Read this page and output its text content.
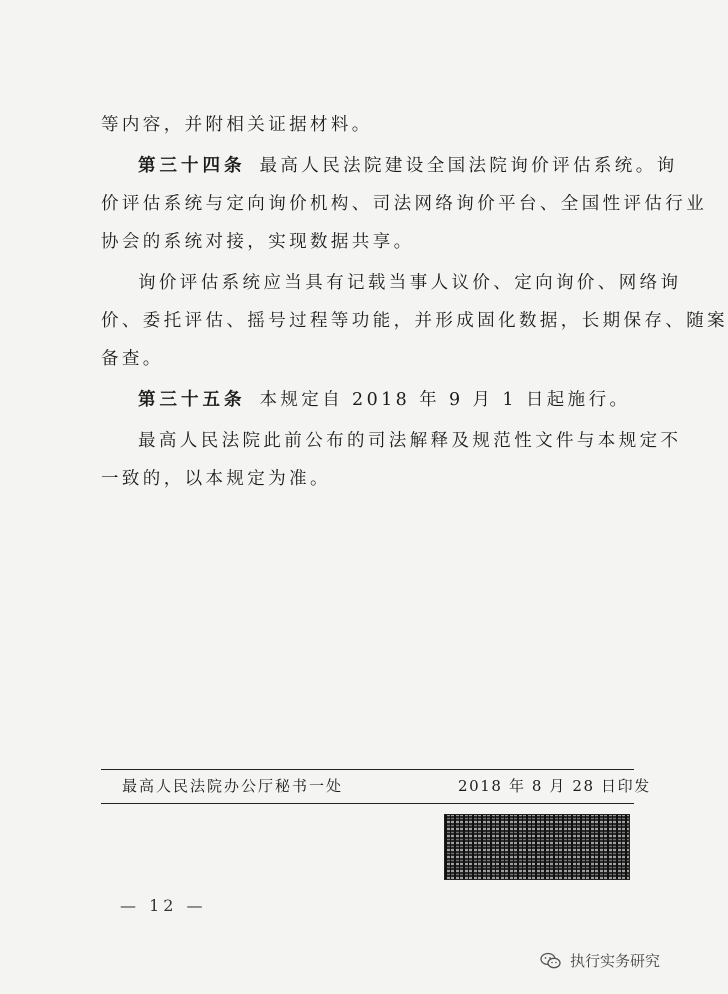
等内容，并附相关证据材料。
第三十四条 最高人民法院建设全国法院询价评估系统。询
价评估系统与定向询价机构、司法网络询价平台、全国性评估行业
协会的系统对接，实现数据共享。
询价评估系统应当具有记载当事人议价、定向询价、网络询
价、委托评估、摇号过程等功能，并形成固化数据，长期保存、随案
备查。
第三十五条 本规定自 2018 年 9 月 1 日起施行。
最高人民法院此前公布的司法解释及规范性文件与本规定不
一致的，以本规定为准。
最高人民法院办公厅秘书一处	2018 年 8 月 28 日印发
— 12 —
执行实务研究
